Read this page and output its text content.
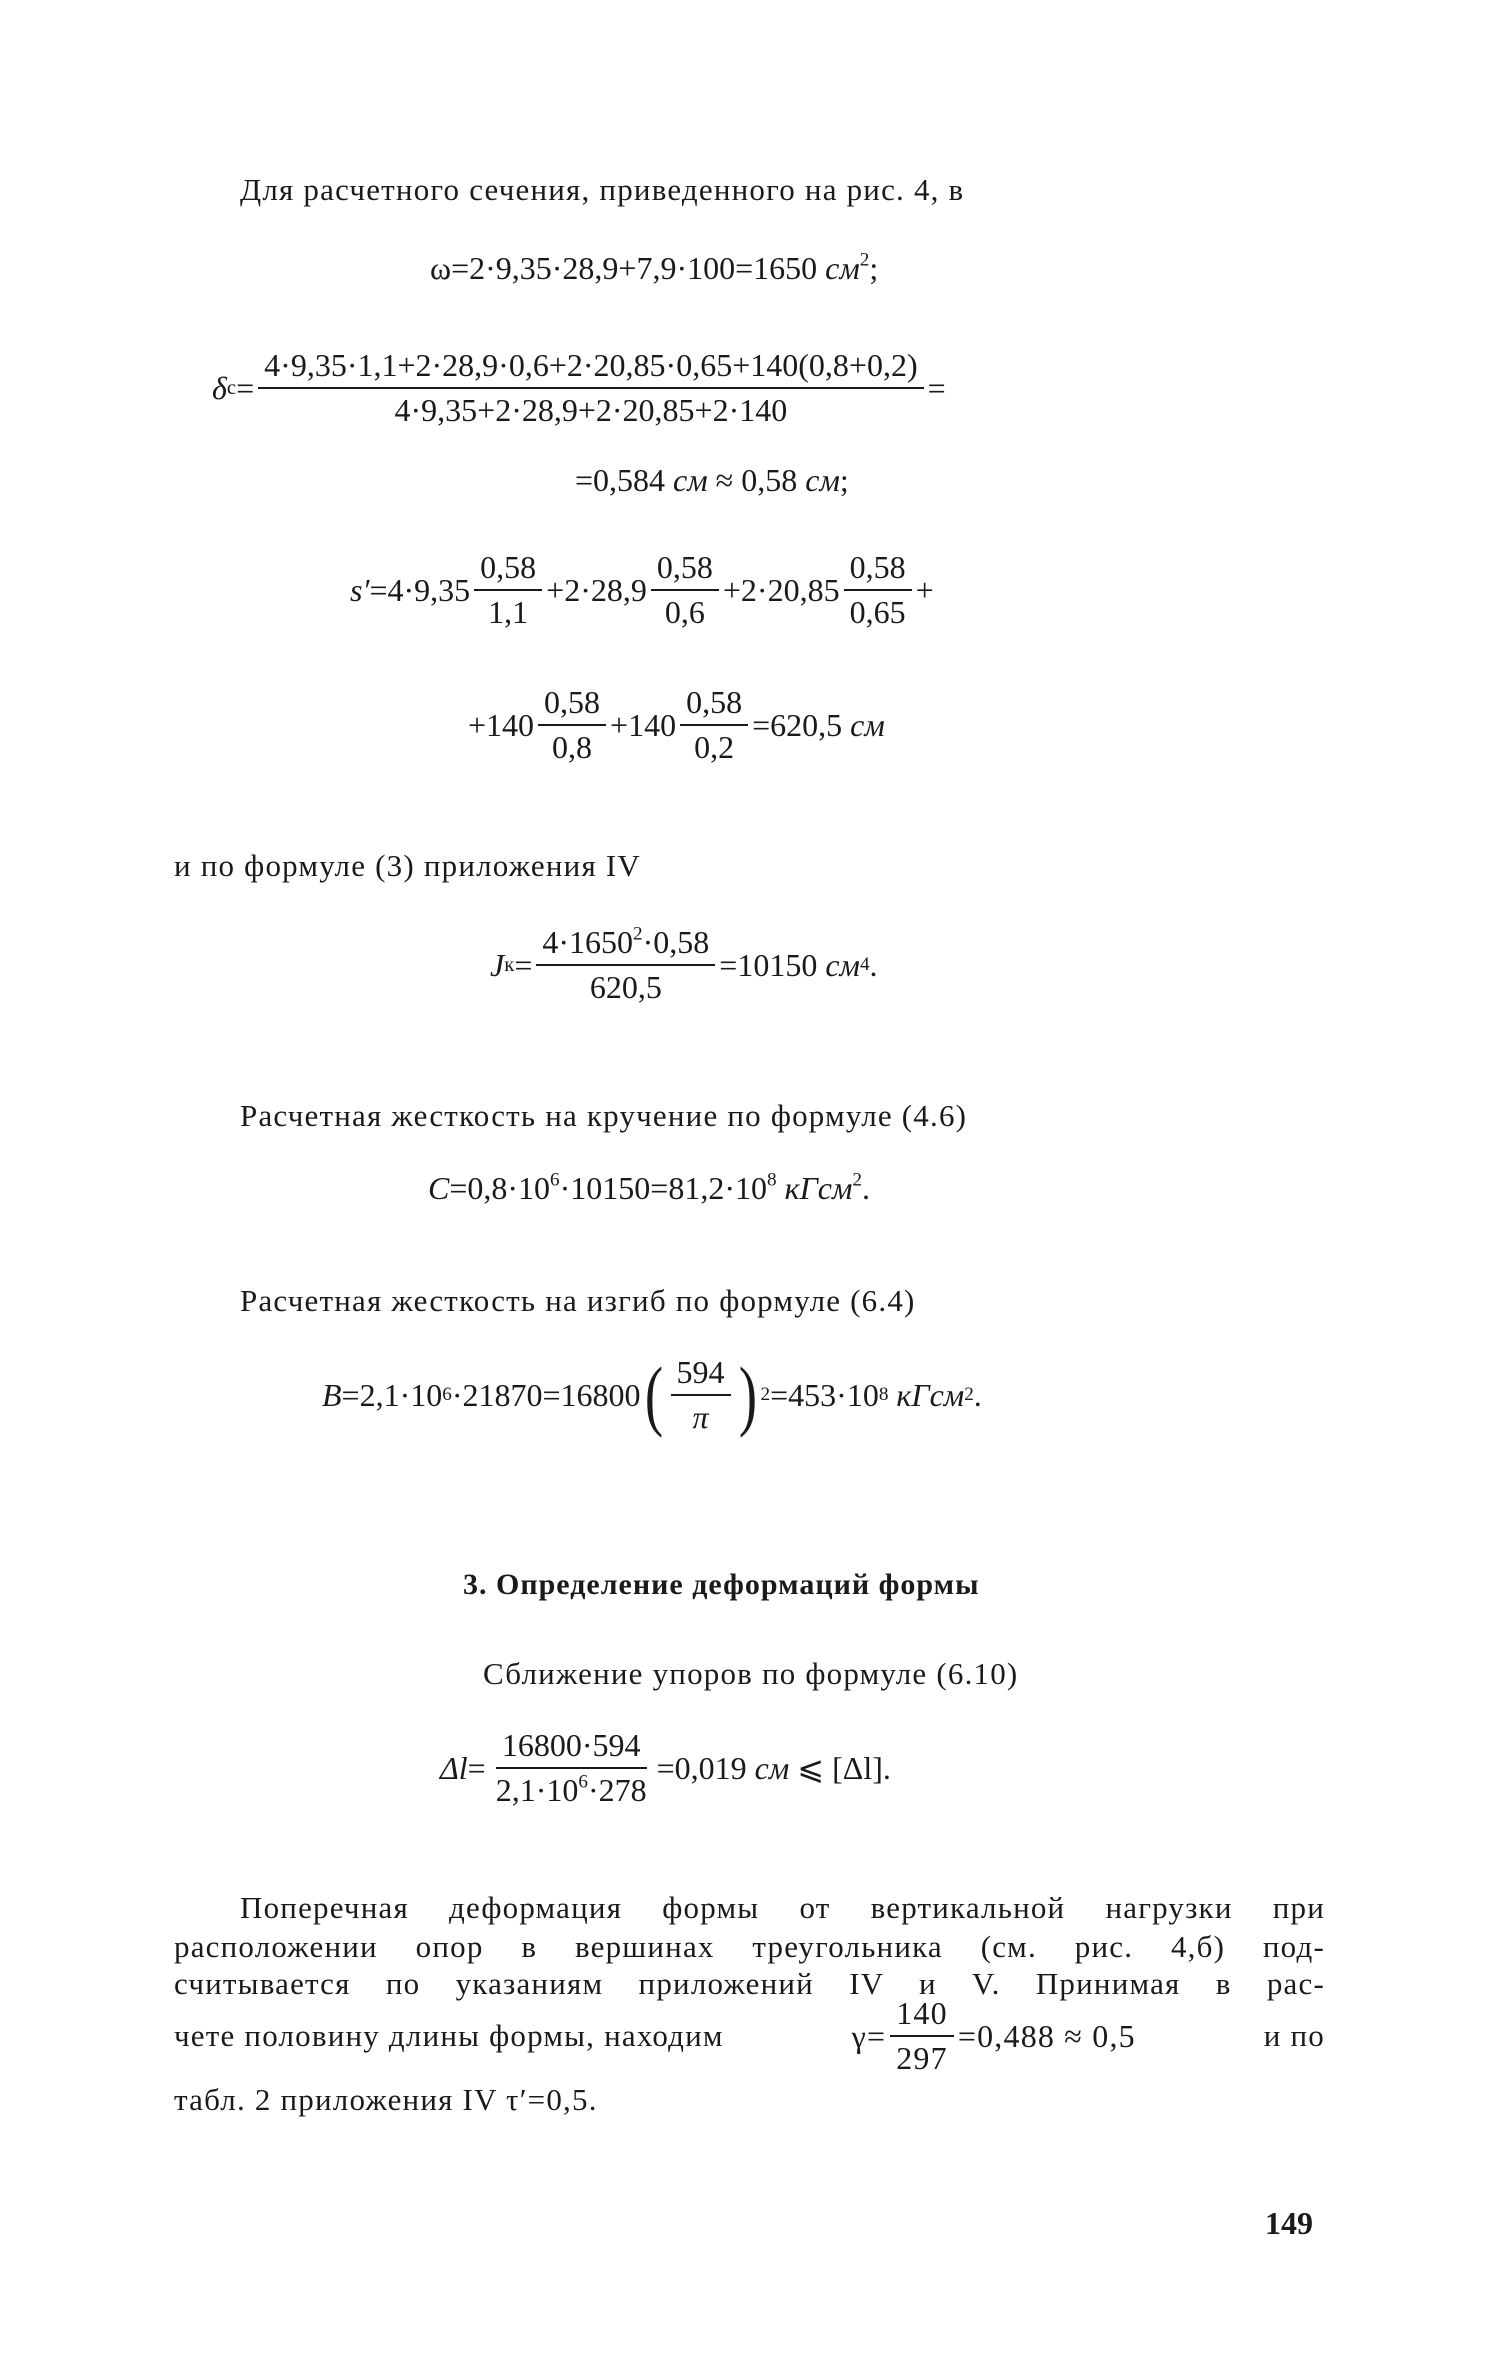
Для расчетного сечения, приведенного на рис. 4, в
ω=2·9,35·28,9+7,9·100=1650 $см^2$;
δ $с = \frac{4\cdot 9,35\cdot 1,1+2\cdot 28,9\cdot 0,6+2\cdot 20,85\cdot 0,65+140(0,8+0,2)}{4\cdot 9,35+2\cdot 28,9+2\cdot 20,85+2\cdot 140}$ =
=0,584 см ≈ 0,58 см;
$s' =4\cdot 9,35 \frac{0,58}{1,1} +2\cdot 28,9 \frac{0,58}{0,6} +2\cdot 20,85 \frac{0,58}{0,65}$ +
$+140 \frac{0,58}{0,8} +140 \frac{0,58}{0,2} =620,5$
см
и по формуле (3) приложения IV
J $к = \frac{4\cdot 1650^2\cdot 0,58}{620,5} =10150$
см 4 .
Расчетная жесткость на кручение по формуле (4.6)
$C=0,8\cdot 10^6\cdot 10150=81,2\cdot 10^8$ кГсм$^2$.
Расчетная жесткость на изгиб по формуле (6.4)
B =2,1·10 6 ·21870=16800 ( $\frac{594}{\pi}$ ) 2 =453·10 8
кГсм 2 .
3. Определение деформаций формы
Сближение упоров по формуле (6.10)
$\Delta l = \frac{16800\cdot 594}{2,1\cdot 10^6\cdot 278} =0,019$
см
⩽ [Δl].
Поперечная деформация формы от вертикальной нагрузки при
расположении опор в вершинах треугольника (см. рис. 4,б) под-
считывается по указаниям приложений IV и V. Принимая в рас-
чете половину длины формы, находим	$\gamma= \frac{140}{297} =0,488 \approx 0,5$	и по
табл. 2 приложения IV τ′=0,5.
149
